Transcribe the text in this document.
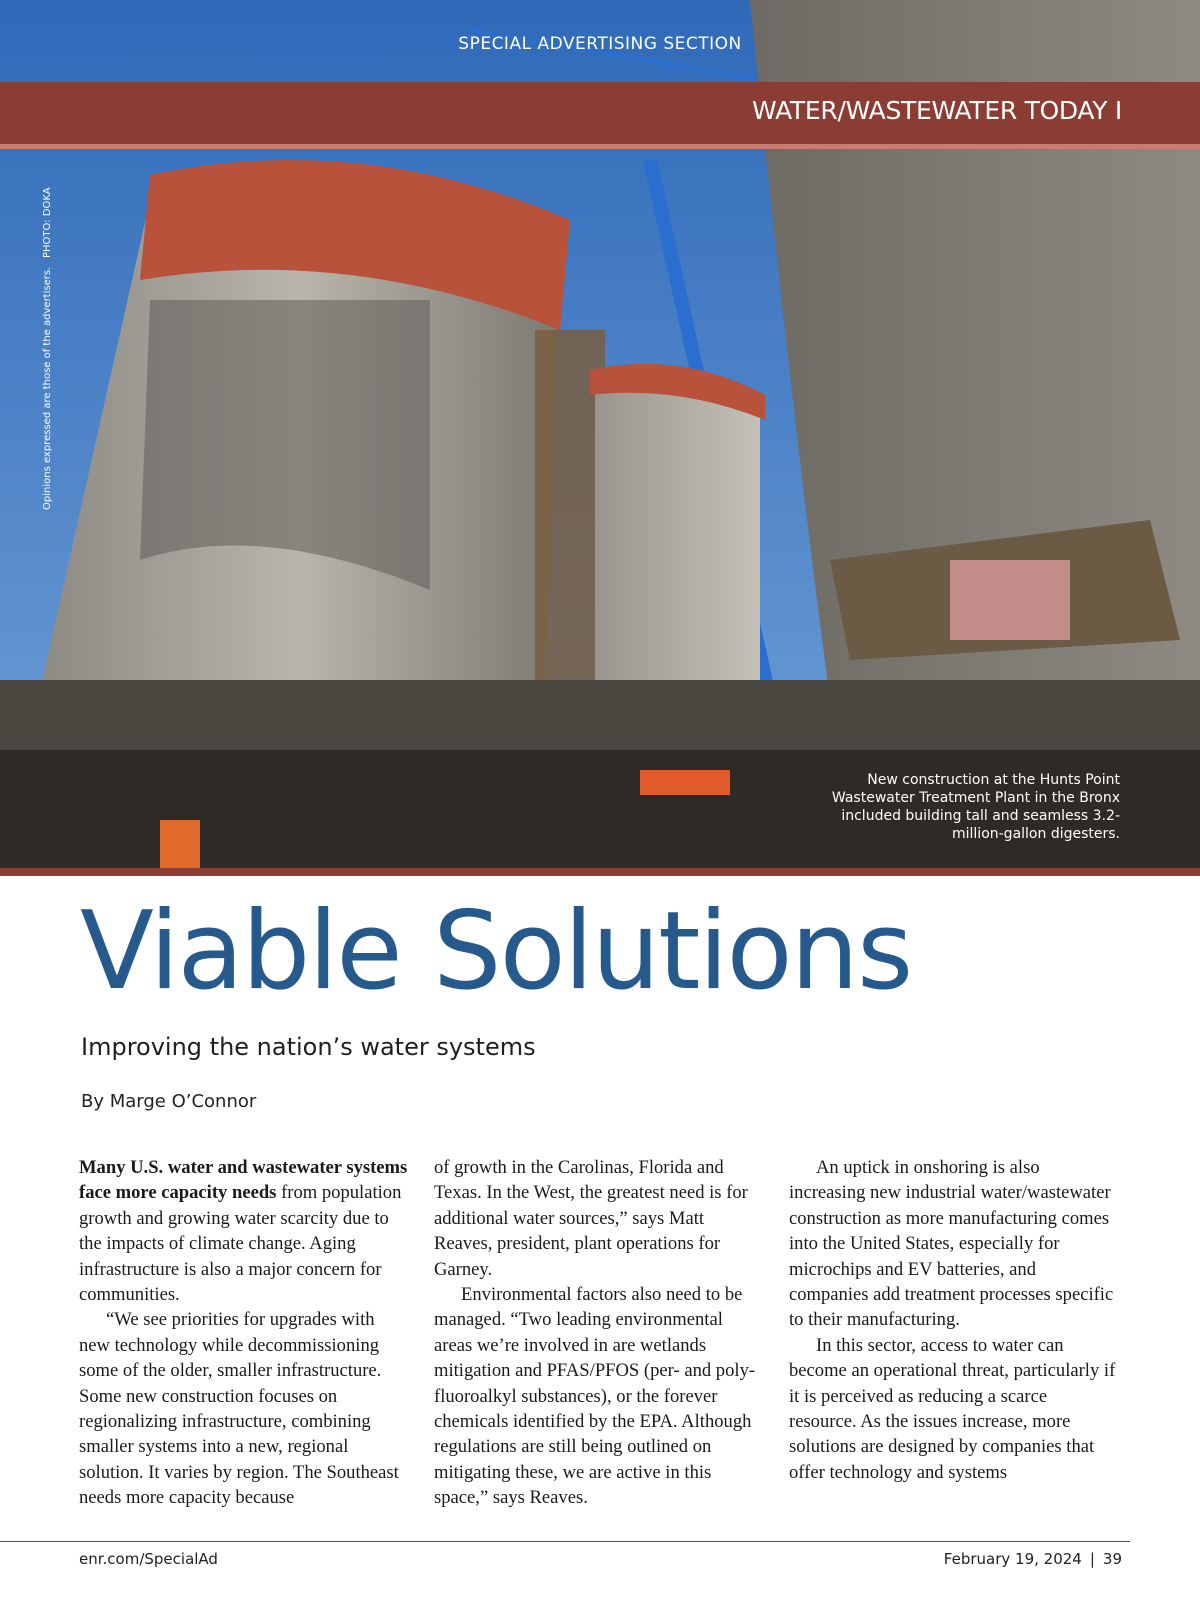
SPECIAL ADVERTISING SECTION
WATER/WASTEWATER TODAY I
PHOTO: DOKA
Opinions expressed are those of the advertisers.
New construction at the Hunts Point Wastewater Treatment Plant in the Bronx included building tall and seamless 3.2-million-gallon digesters.
Viable Solutions
Improving the nation’s water systems
By Marge O’Connor

Many U.S. water and wastewater systems face more capacity needs from population growth and growing water scarcity due to the impacts of climate change. Aging infrastructure is also a major concern for communities.

“We see priorities for upgrades with new technology while decommissioning some of the older, smaller infrastructure. Some new construction focuses on regionalizing infrastructure, combining smaller systems into a new, regional solution. It varies by region. The Southeast needs more capacity because

of growth in the Carolinas, Florida and Texas. In the West, the greatest need is for additional water sources,” says Matt Reaves, president, plant operations for Garney.

Environmental factors also need to be managed. “Two leading environmental areas we’re involved in are wetlands mitigation and PFAS/PFOS (per- and poly-fluoroalkyl substances), or the forever chemicals identified by the EPA. Although regulations are still being outlined on mitigating these, we are active in this space,” says Reaves.

An uptick in onshoring is also increasing new industrial water/wastewater construction as more manufacturing comes into the United States, especially for microchips and EV batteries, and companies add treatment processes specific to their manufacturing.

In this sector, access to water can become an operational threat, particularly if it is perceived as reducing a scarce resource. As the issues increase, more solutions are designed by companies that offer technology and systems

enr.com/SpecialAd	February 19, 2024 | 39
